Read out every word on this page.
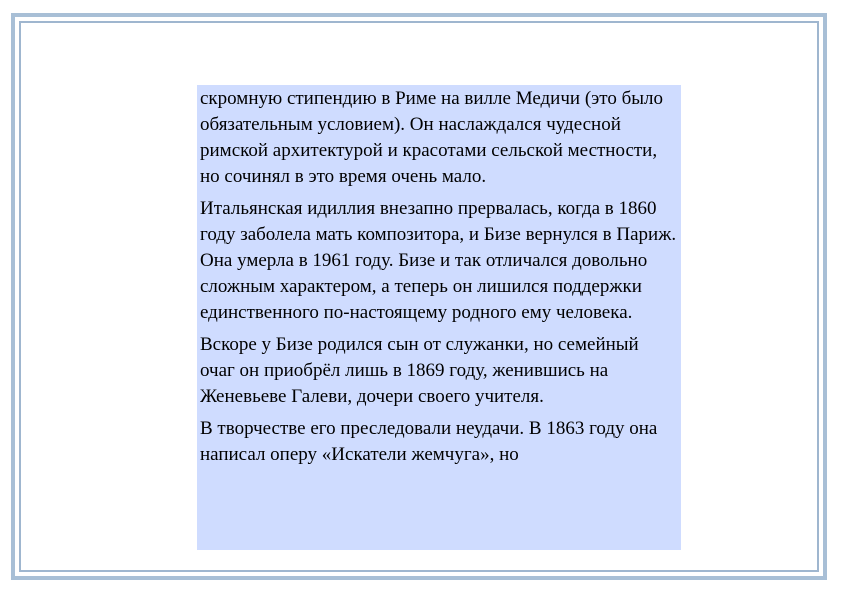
скромную стипендию в Риме на вилле Медичи (это было обязательным условием). Он наслаждался чудесной римской архитектурой и красотами сельской местности, но сочинял в это время очень мало.

Итальянская идиллия внезапно прервалась, когда в 1860 году заболела мать композитора, и Бизе вернулся в Париж. Она умерла в 1961 году. Бизе и так отличался довольно сложным характером, а теперь он лишился поддержки единственного по-настоящему родного ему человека.

Вскоре у Бизе родился сын от служанки, но семейный очаг он приобрёл лишь в 1869 году, женившись на Женевьеве Галеви, дочери своего учителя.

В творчестве его преследовали неудачи. В 1863 году она написал оперу «Искатели жемчуга», но
